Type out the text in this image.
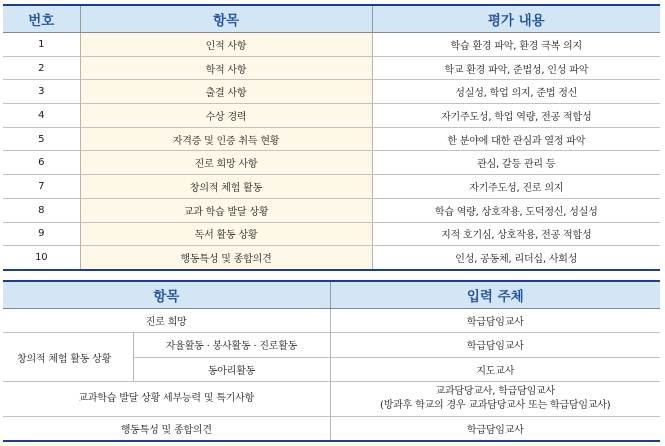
번호	항목	평가 내용
1	인적 사항	학습 환경 파악, 환경 극복 의지
2	학적 사항	학교 환경 파악, 준법성, 인성 파악
3	출결 사항	성실성, 학업 의지, 준법 정신
4	수상 경력	자기주도성, 학업 역량, 전공 적합성
5	자격증 및 인증 취득 현황	한 분야에 대한 관심과 열정 파악
6	진로 희망 사항	관심, 갈등 관리 등
7	창의적 체험 활동	자기주도성, 진로 의지
8	교과 학습 발달 상황	학습 역량, 상호작용, 도덕정신, 성실성
9	독서 활동 상황	지적 호기심, 상호작용, 전공 적합성
10	행동특성 및 종합의견	인성, 공동체, 리더십, 사회성
항목		입력 주체
진로 희망		학급담임교사
창의적 체험 활동 상황	자율활동 · 봉사활동 · 진로활동	학급담임교사
	동아리활동	지도교사
교과학습 발달 상황 세부능력 및 특기사항		교과담당교사, 학급담임교사
(방과후 학교의 경우 교과담당교사 또는 학급담임교사)

행동특성 및 종합의견		학급담임교사
